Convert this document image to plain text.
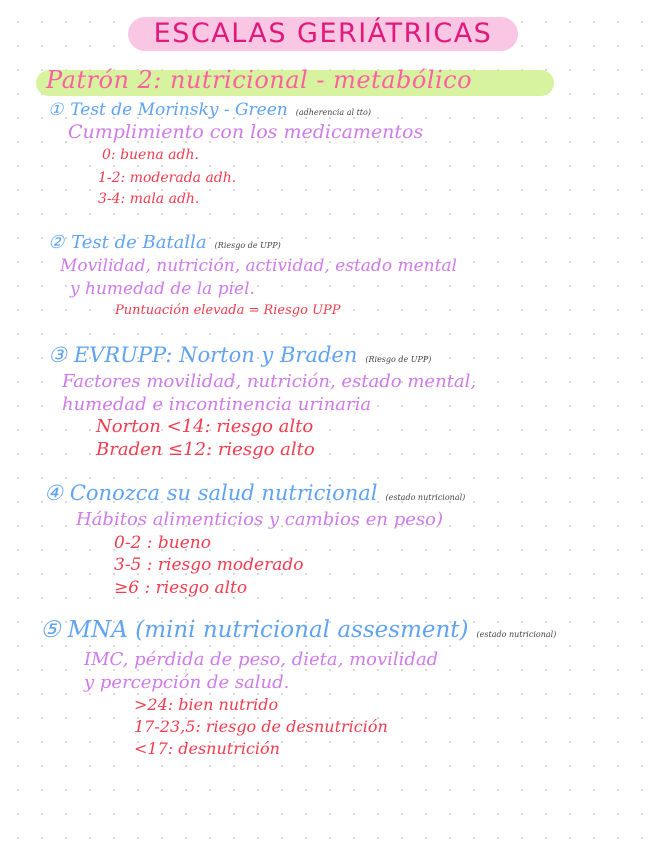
ESCALAS GERIÁTRICAS
Patrón 2: nutricional - metabólico
① Test de Morinsky - Green (adherencia al tto)
Cumplimiento con los medicamentos
0: buena adh.
1-2: moderada adh.
3-4: mala adh.
② Test de Batalla (Riesgo de UPP)
Movilidad, nutrición, actividad, estado mental
y humedad de la piel.
Puntuación elevada = Riesgo UPP
③ EVRUPP: Norton y Braden (Riesgo de UPP)
Factores movilidad, nutrición, estado mental,
humedad e incontinencia urinaria
Norton <14: riesgo alto
Braden ≤12: riesgo alto
④ Conozca su salud nutricional (estado nutricional)
Hábitos alimenticios y cambios en peso)
0-2 : bueno
3-5 : riesgo moderado
≥6 : riesgo alto
⑤ MNA (mini nutricional assesment) (estado nutricional)
IMC, pérdida de peso, dieta, movilidad
y percepción de salud.
>24: bien nutrido
17-23,5: riesgo de desnutrición
<17: desnutrición
